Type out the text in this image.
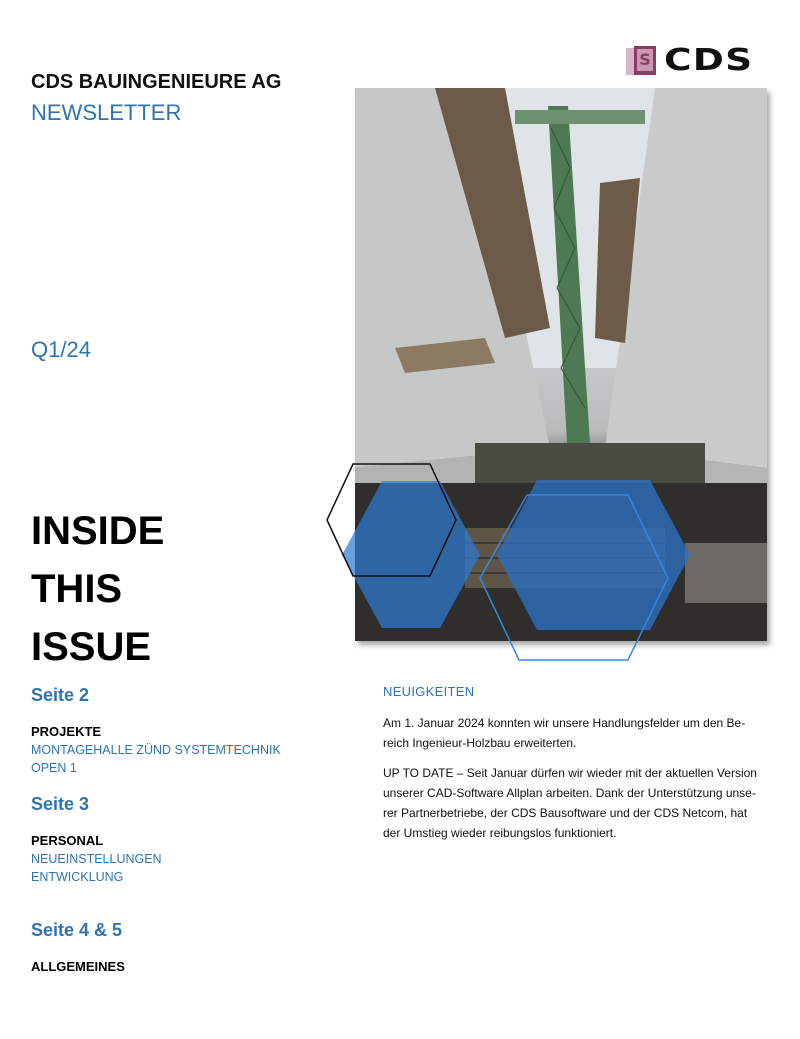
S
CDS
CDS BAUINGENIEURE AG
NEWSLETTER
Q1/24
INSIDE
THIS
ISSUE
Seite 2
PROJEKTE
MONTAGEHALLE ZÜND SYSTEMTECHNIK
OPEN 1
Seite 3
PERSONAL
NEUEINSTELLUNGEN
ENTWICKLUNG
Seite 4 & 5
ALLGEMEINES
NEUIGKEITEN

Am 1. Januar 2024 konnten wir unsere Handlungsfelder um den Bereich Ingenieur-Holzbau erweiterten.

UP TO DATE – Seit Januar dürfen wir wieder mit der aktuellen Version unserer CAD-Software Allplan arbeiten. Dank der Unterstützung unserer Partnerbetriebe, der CDS Bausoftware und der CDS Netcom, hat der Umstieg wieder reibungslos funktioniert.
